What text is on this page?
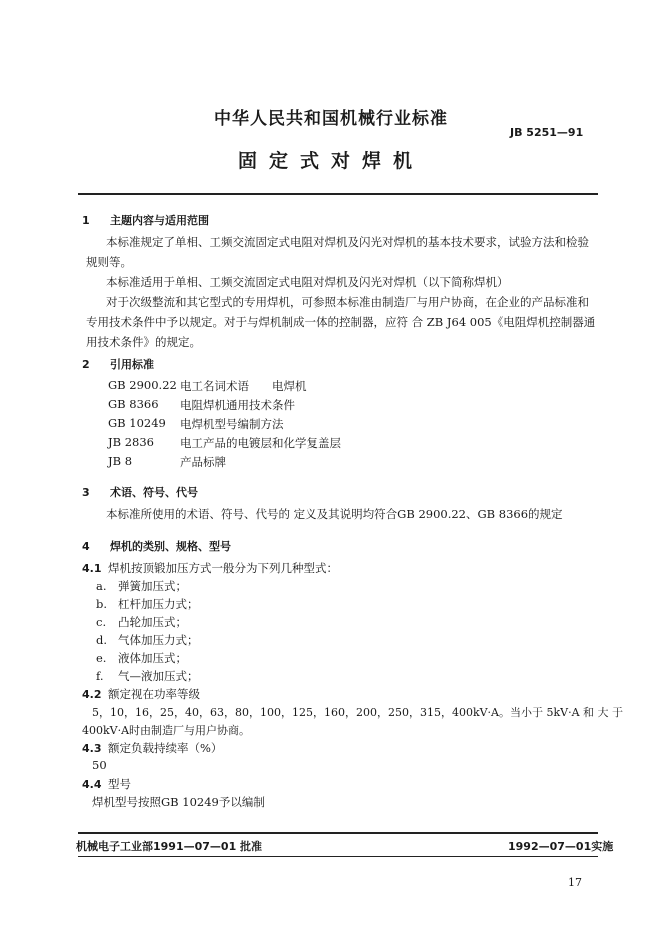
中华人民共和国机械行业标准
JB 5251—91
固定式对焊机
1 主题内容与适用范围
本标准规定了单相、工频交流固定式电阻对焊机及闪光对焊机的基本技术要求，试验方法和检验规则等。
本标准适用于单相、工频交流固定式电阻对焊机及闪光对焊机（以下简称焊机）
对于次级整流和其它型式的专用焊机，可参照本标准由制造厂与用户协商，在企业的产品标准和专用技术条件中予以规定。对于与焊机制成一体的控制器，应符 合 ZB J64 005《电阻焊机控制器通用技术条件》的规定。
2 引用标准
GB 2900.22 电工名词术语　　电焊机
GB 8366 电阻焊机通用技术条件
GB 10249 电焊机型号编制方法
JB 2836 电工产品的电镀层和化学复盖层
JB 8	产品标牌
3 术语、符号、代号
本标准所使用的术语、符号、代号的 定义及其说明均符合GB 2900.22、GB 8366的规定
4 焊机的类别、规格、型号
4.1 焊机按顶锻加压方式一般分为下列几种型式：
a. 弹簧加压式；
b. 杠杆加压力式；
c. 凸轮加压式；
d. 气体加压力式；
e. 液体加压式；
f. 气—液加压式；
4.2 额定视在功率等级
5，10，16，25，40，63，80，100，125，160，200，250，315，400kV·A。当小于 5kV·A 和 大 于
400kV·A时由制造厂与用户协商。
4.3 额定负载持续率（%）
50
4.4 型号
焊机型号按照GB 10249予以编制
机械电子工业部1991—07—01 批准	1992—07—01实施
17
